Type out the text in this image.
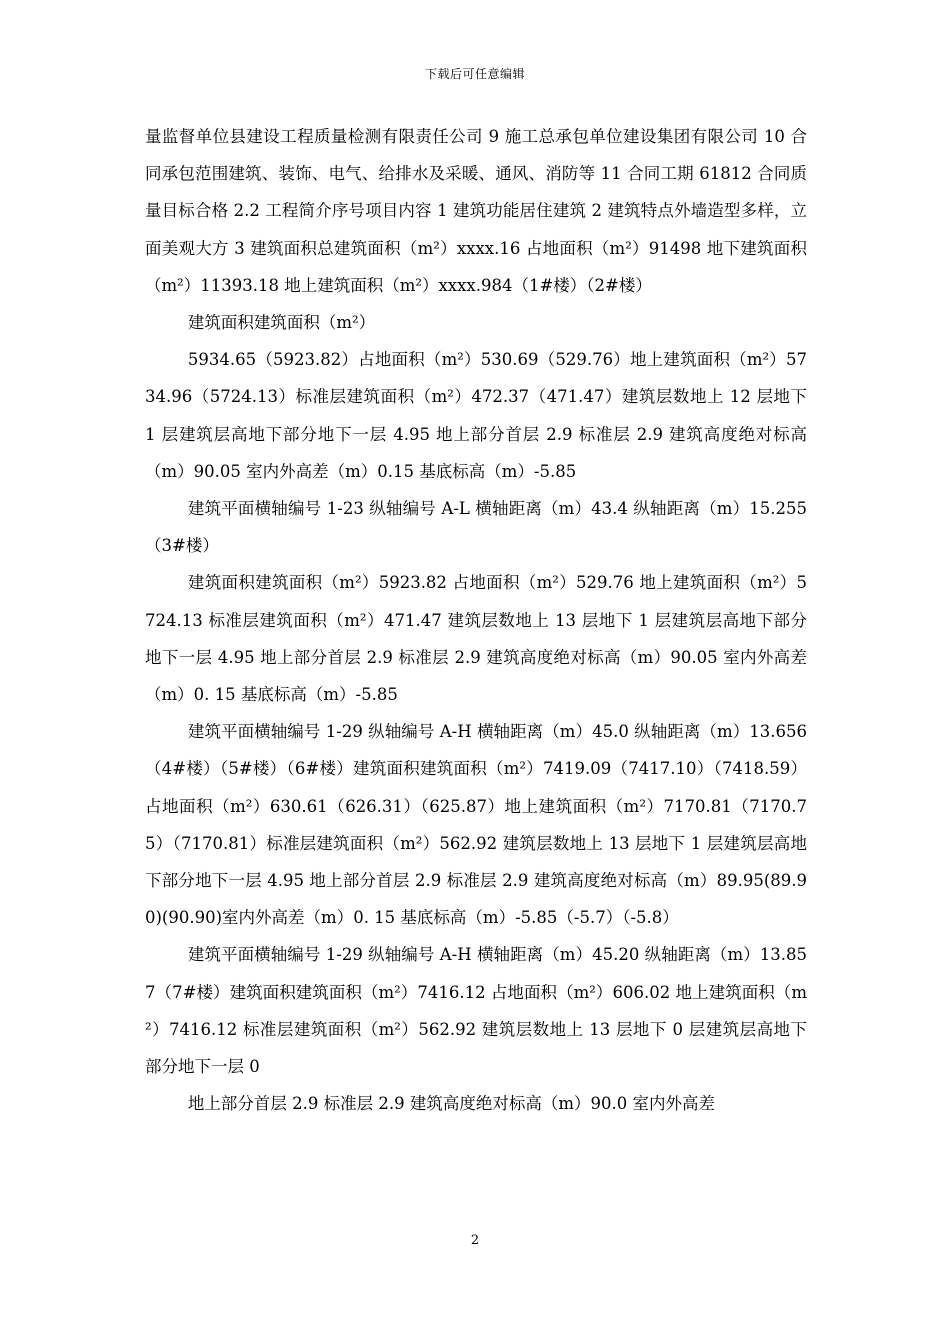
下载后可任意编辑

量监督单位县建设工程质量检测有限责任公司 9 施工总承包单位建设集团有限公司 10 合同承包范围建筑、装饰、电气、给排水及采暖、通风、消防等 11 合同工期 61812 合同质量目标合格 2.2 工程简介序号项目内容 1 建筑功能居住建筑 2 建筑特点外墙造型多样，立面美观大方 3 建筑面积总建筑面积（m²）xxxx.16 占地面积（m²）91498 地下建筑面积（m²）11393.18 地上建筑面积（m²）xxxx.984（1#楼）（2#楼）

建筑面积建筑面积（m²）

5934.65（5923.82）占地面积（m²）530.69（529.76）地上建筑面积（m²）5734.96（5724.13）标准层建筑面积（m²）472.37（471.47）建筑层数地上 12 层地下 1 层建筑层高地下部分地下一层 4.95 地上部分首层 2.9 标准层 2.9 建筑高度绝对标高（m）90.05 室内外高差（m）0.15 基底标高（m）-5.85

建筑平面横轴编号 1-23 纵轴编号 A-L 横轴距离（m）43.4 纵轴距离（m）15.255（3#楼）

建筑面积建筑面积（m²）5923.82 占地面积（m²）529.76 地上建筑面积（m²）5724.13 标准层建筑面积（m²）471.47 建筑层数地上 13 层地下 1 层建筑层高地下部分地下一层 4.95 地上部分首层 2.9 标准层 2.9 建筑高度绝对标高（m）90.05 室内外高差（m）0. 15 基底标高（m）-5.85

建筑平面横轴编号 1-29 纵轴编号 A-H 横轴距离（m）45.0 纵轴距离（m）13.656（4#楼）（5#楼）（6#楼）建筑面积建筑面积（m²）7419.09（7417.10）（7418.59）占地面积（m²）630.61（626.31）（625.87）地上建筑面积（m²）7170.81（7170.75）（7170.81）标准层建筑面积（m²）562.92 建筑层数地上 13 层地下 1 层建筑层高地下部分地下一层 4.95 地上部分首层 2.9 标准层 2.9 建筑高度绝对标高（m）89.95(89.90)(90.90)室内外高差（m）0. 15 基底标高（m）-5.85（-5.7）（-5.8）

建筑平面横轴编号 1-29 纵轴编号 A-H 横轴距离（m）45.20 纵轴距离（m）13.857（7#楼）建筑面积建筑面积（m²）7416.12 占地面积（m²）606.02 地上建筑面积（m²）7416.12 标准层建筑面积（m²）562.92 建筑层数地上 13 层地下 0 层建筑层高地下部分地下一层 0

地上部分首层 2.9 标准层 2.9 建筑高度绝对标高（m）90.0 室内外高差

2
